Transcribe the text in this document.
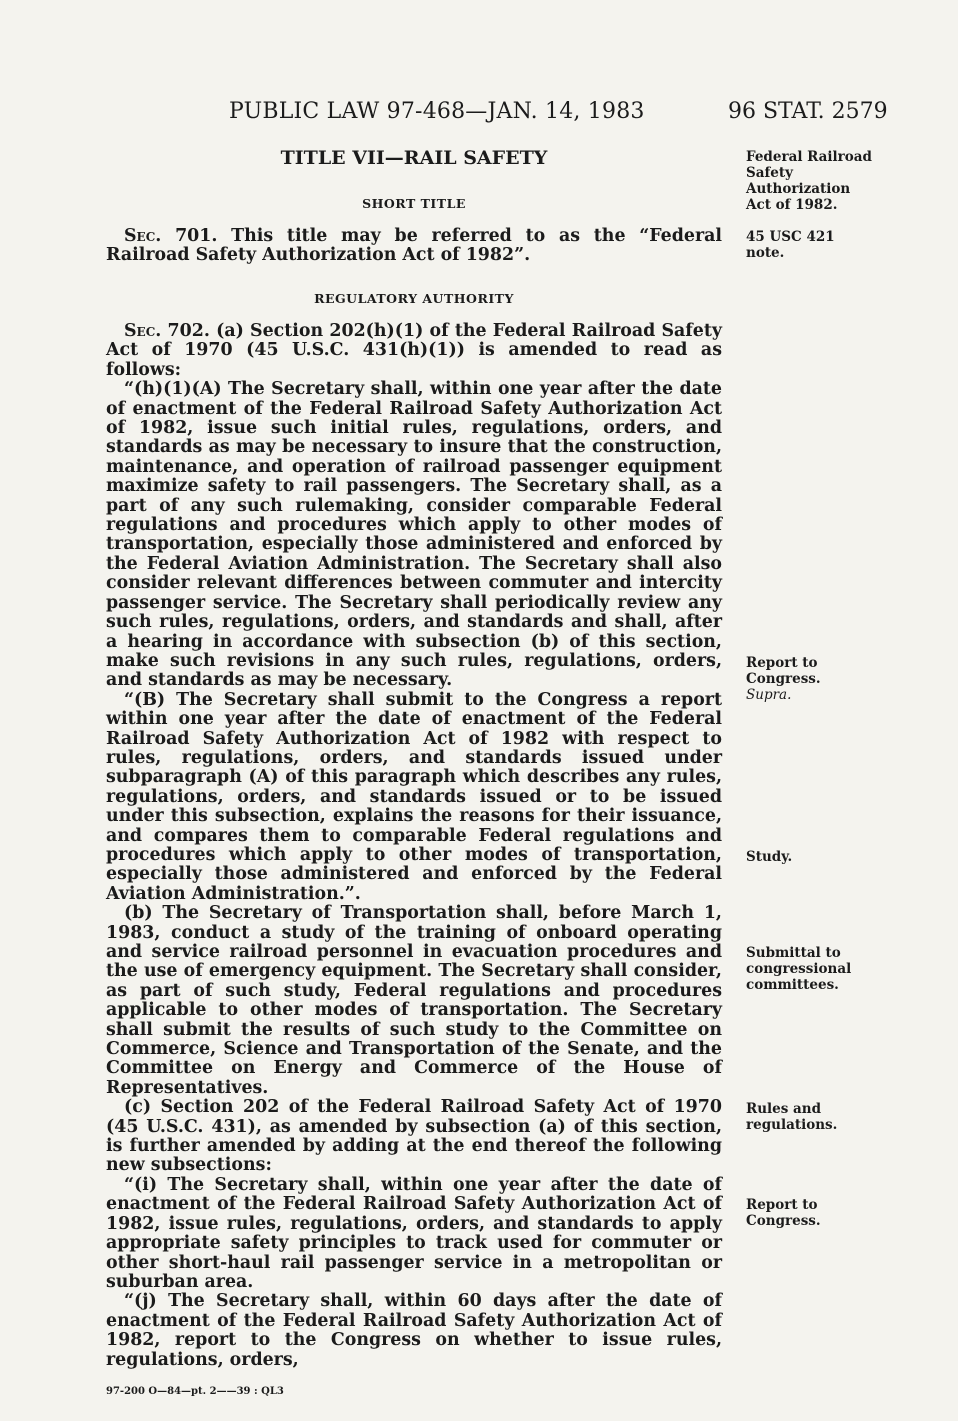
PUBLIC LAW 97-468—JAN. 14, 1983	96 STAT. 2579
TITLE VII—RAIL SAFETY
SHORT TITLE

Sec. 701. This title may be referred to as the “Federal Railroad Safety Authorization Act of 1982”.

REGULATORY AUTHORITY

Sec. 702. (a) Section 202(h)(1) of the Federal Railroad Safety Act of 1970 (45 U.S.C. 431(h)(1)) is amended to read as follows:

“(h)(1)(A) The Secretary shall, within one year after the date of enactment of the Federal Railroad Safety Authorization Act of 1982, issue such initial rules, regulations, orders, and standards as may be necessary to insure that the construction, maintenance, and operation of railroad passenger equipment maximize safety to rail passengers. The Secretary shall, as a part of any such rulemaking, consider comparable Federal regulations and procedures which apply to other modes of transportation, especially those administered and enforced by the Federal Aviation Administration. The Secretary shall also consider relevant differences between commuter and intercity passenger service. The Secretary shall periodically review any such rules, regulations, orders, and standards and shall, after a hearing in accordance with subsection (b) of this section, make such revisions in any such rules, regulations, orders, and standards as may be necessary.

“(B) The Secretary shall submit to the Congress a report within one year after the date of enactment of the Federal Railroad Safety Authorization Act of 1982 with respect to rules, regulations, orders, and standards issued under subparagraph (A) of this paragraph which describes any rules, regulations, orders, and standards issued or to be issued under this subsection, explains the reasons for their issuance, and compares them to comparable Federal regulations and procedures which apply to other modes of transportation, especially those administered and enforced by the Federal Aviation Administration.”.

(b) The Secretary of Transportation shall, before March 1, 1983, conduct a study of the training of onboard operating and service railroad personnel in evacuation procedures and the use of emergency equipment. The Secretary shall consider, as part of such study, Federal regulations and procedures applicable to other modes of transportation. The Secretary shall submit the results of such study to the Committee on Commerce, Science and Transportation of the Senate, and the Committee on Energy and Commerce of the House of Representatives.

(c) Section 202 of the Federal Railroad Safety Act of 1970 (45 U.S.C. 431), as amended by subsection (a) of this section, is further amended by adding at the end thereof the following new subsections:

“(i) The Secretary shall, within one year after the date of enactment of the Federal Railroad Safety Authorization Act of 1982, issue rules, regulations, orders, and standards to apply appropriate safety principles to track used for commuter or other short-haul rail passenger service in a metropolitan or suburban area.

“(j) The Secretary shall, within 60 days after the date of enactment of the Federal Railroad Safety Authorization Act of 1982, report to the Congress on whether to issue rules, regulations, orders,

Federal Railroad
Safety
Authorization
Act of 1982.
45 USC 421 note.
Report to
Congress.
Supra.
Study.
Submittal to
congressional
committees.
Rules and
regulations.
Report to
Congress.
97-200 O—84—pt. 2——39 : QL3
